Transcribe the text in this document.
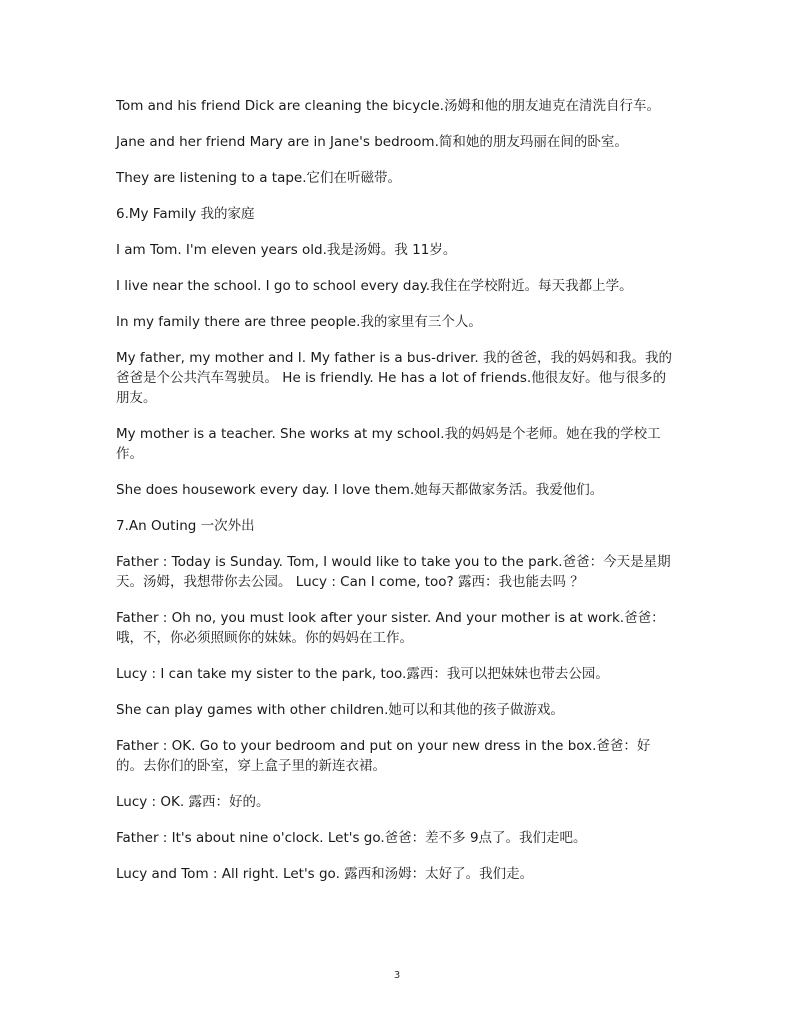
Tom and his friend Dick are cleaning the bicycle.汤姆和他的朋友迪克在清洗自行车。

Jane and her friend Mary are in Jane's bedroom.简和她的朋友玛丽在间的卧室。

They are listening to a tape.它们在听磁带。

6.My Family 我的家庭

I am Tom. I'm eleven years old.我是汤姆。我 11岁。

I live near the school. I go to school every day.我住在学校附近。每天我都上学。

In my family there are three people.我的家里有三个人。

My father, my mother and I. My father is a bus-driver. 我的爸爸，我的妈妈和我。我的爸爸是个公共汽车驾驶员。 He is friendly. He has a lot of friends.他很友好。他与很多的朋友。

My mother is a teacher. She works at my school.我的妈妈是个老师。她在我的学校工作。

She does housework every day. I love them.她每天都做家务活。我爱他们。

7.An Outing 一次外出

Father : Today is Sunday. Tom, I would like to take you to the park.爸爸：今天是星期天。汤姆，我想带你去公园。 Lucy : Can I come, too? 露西：我也能去吗 ？

Father : Oh no, you must look after your sister. And your mother is at work.爸爸：哦，不，你必须照顾你的妹妹。你的妈妈在工作。

Lucy : I can take my sister to the park, too.露西：我可以把妹妹也带去公园。

She can play games with other children.她可以和其他的孩子做游戏。

Father : OK. Go to your bedroom and put on your new dress in the box.爸爸：好的。去你们的卧室，穿上盒子里的新连衣裙。

Lucy : OK. 露西：好的。

Father : It's about nine o'clock. Let's go.爸爸：差不多 9点了。我们走吧。

Lucy and Tom : All right. Let's go. 露西和汤姆：太好了。我们走。

3
